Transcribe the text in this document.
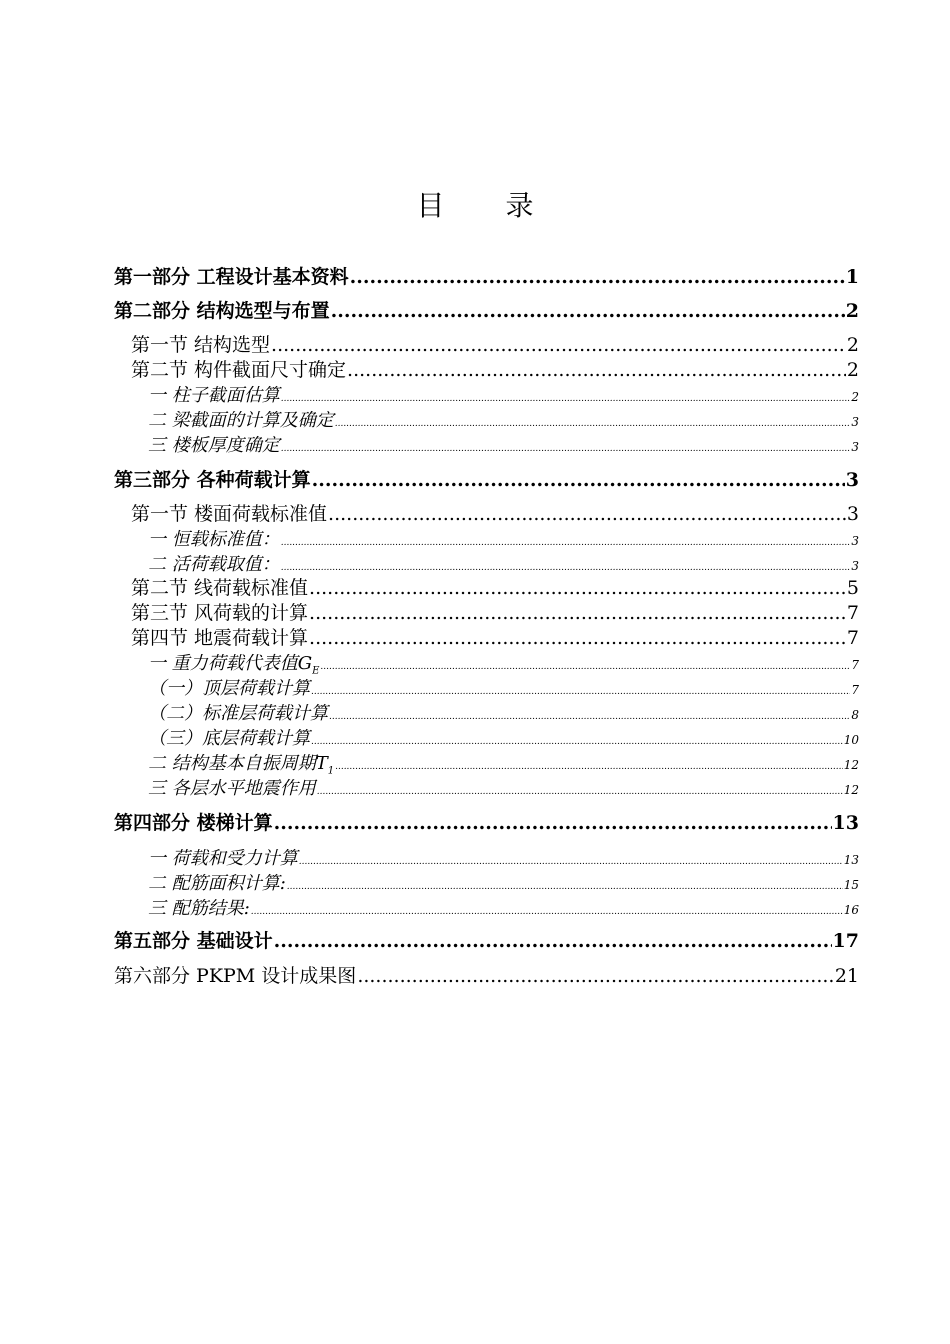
目 录
第一部分 工程设计基本资料 .....	1
第二部分 结构选型与布置 .....	2
第一节 结构选型 .....	2
第二节 构件截面尺寸确定 .....	2
一 柱子截面估算 .....	2
二 梁截面的计算及确定 .....	3
三 楼板厚度确定 .....	3
第三部分 各种荷载计算 .....	3
第一节 楼面荷载标准值 .....	3
一 恒载标准值： .....	3
二 活荷载取值： .....	3
第二节 线荷载标准值 .....	5
第三节 风荷载的计算 .....	7
第四节 地震荷载计算 .....	7
一 重力荷载代表值$G_E$ .....	7
（一）顶层荷载计算 .....	7
（二）标准层荷载计算 .....	8
（三）底层荷载计算 .....	10
二 结构基本自振周期$T_1$ .....	12
三 各层水平地震作用 .....	12
第四部分 楼梯计算 .....	13
一 荷载和受力计算 .....	13
二 配筋面积计算: .....	15
三 配筋结果: .....	16
第五部分 基础设计 .....	17
第六部分 PKPM 设计成果图 .....	21
